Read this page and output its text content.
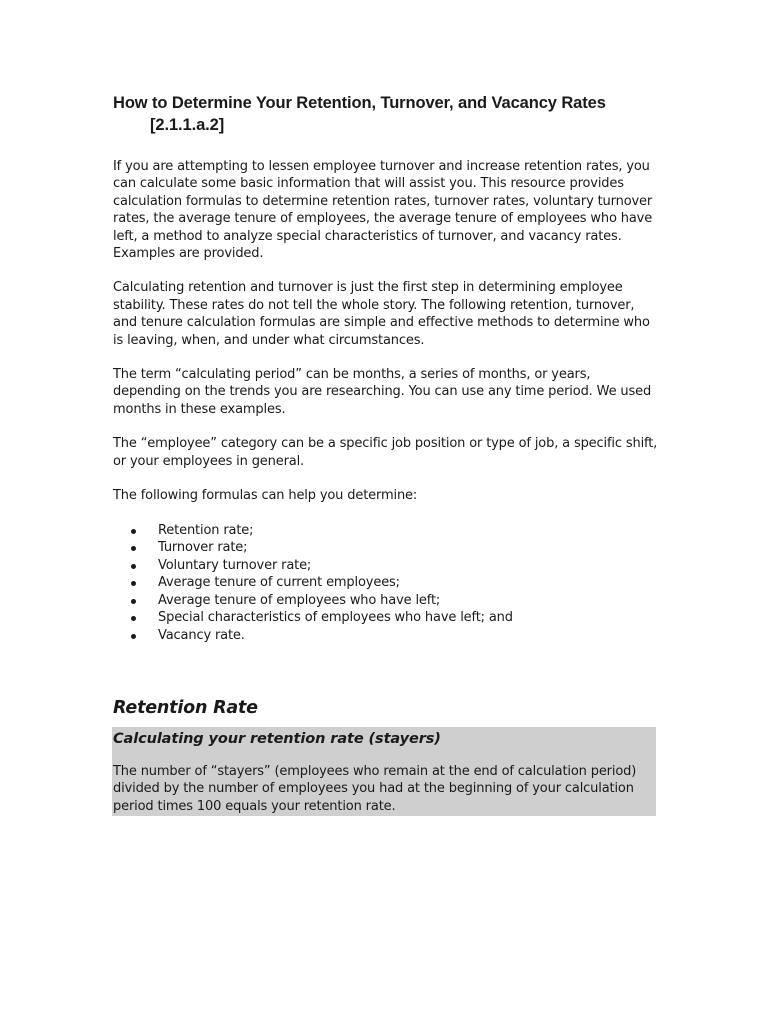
How to Determine Your Retention, Turnover, and Vacancy Rates
[2.1.1.a.2]

If you are attempting to lessen employee turnover and increase retention rates, you can calculate some basic information that will assist you. This resource provides calculation formulas to determine retention rates, turnover rates, voluntary turnover rates, the average tenure of employees, the average tenure of employees who have left, a method to analyze special characteristics of turnover, and vacancy rates. Examples are provided.

Calculating retention and turnover is just the first step in determining employee stability. These rates do not tell the whole story. The following retention, turnover, and tenure calculation formulas are simple and effective methods to determine who is leaving, when, and under what circumstances.

The term “calculating period” can be months, a series of months, or years, depending on the trends you are researching. You can use any time period. We used months in these examples.

The “employee” category can be a specific job position or type of job, a specific shift, or your employees in general.

The following formulas can help you determine:

Retention rate;
Turnover rate;
Voluntary turnover rate;
Average tenure of current employees;
Average tenure of employees who have left;
Special characteristics of employees who have left; and
Vacancy rate.
Retention Rate
Calculating your retention rate (stayers)
The number of “stayers” (employees who remain at the end of calculation period) divided by the number of employees you had at the beginning of your calculation period times 100 equals your retention rate.
